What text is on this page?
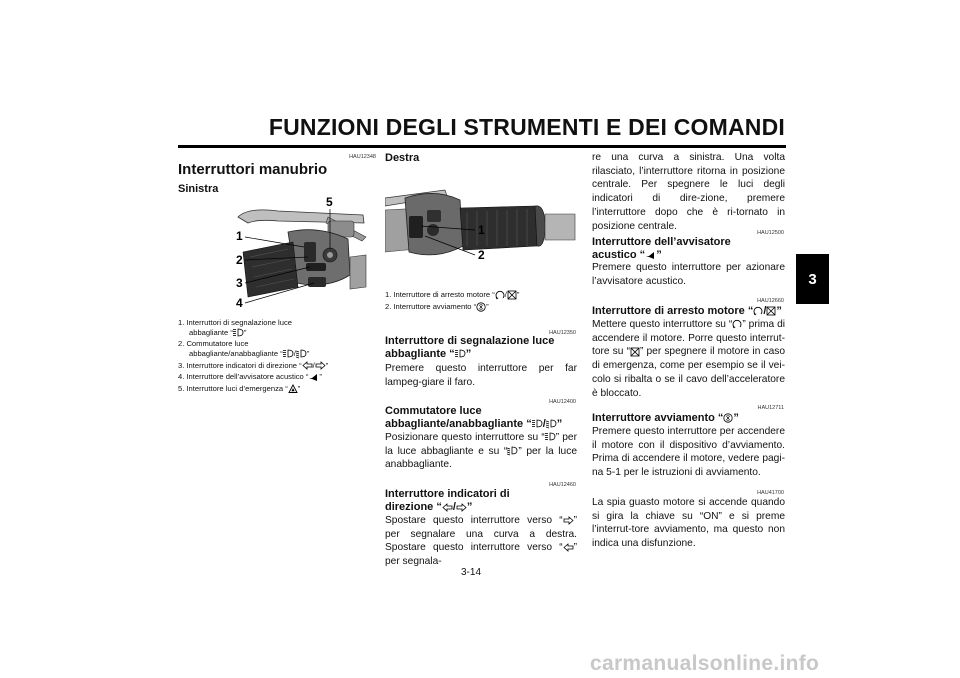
FUNZIONI DEGLI STRUMENTI E DEI COMANDI
3
HAU12348
Interruttori manubrio
Sinistra
1
2
3
4
5
1. Interruttori di segnalazione luce
abbagliante “ ”
2. Commutatore luce
abbagliante/anabbagliante “ / ”
3. Interruttore indicatori di direzione “ / ”
4. Interruttore dell’avvisatore acustico “ ”
5. Interruttore luci d’emergenza “ ”
Destra
1
2
1. Interruttore di arresto motore “ / ”
2. Interruttore avviamento “ ”
HAU12350
Interruttore di segnalazione luce
abbagliante “ ”
Premere questo interruttore per far lampeg-giare il faro.
HAU12400
Commutatore luce
abbagliante/anabbagliante “ / ”
Posizionare questo interruttore su “ ” per la luce abbagliante e su “ ” per la luce anabbagliante.
HAU12460
Interruttore indicatori di
direzione “ / ”
Spostare questo interruttore verso “ ” per segnalare una curva a destra. Spostare questo interruttore verso “ ” per segnala-
re una curva a sinistra. Una volta rilasciato, l’interruttore ritorna in posizione centrale. Per spegnere le luci degli indicatori di dire-zione, premere l’interruttore dopo che è ri-tornato in posizione centrale.
HAU12500
Interruttore dell’avvisatore
acustico “ ”
Premere questo interruttore per azionare l’avvisatore acustico.
HAU12660
Interruttore di arresto motore “ / ”
Mettere questo interruttore su “ ” prima di accendere il motore. Porre questo interrut-tore su “ ” per spegnere il motore in caso di emergenza, come per esempio se il vei-colo si ribalta o se il cavo dell’acceleratore è bloccato.
HAU12711
Interruttore avviamento “ ”
Premere questo interruttore per accendere il motore con il dispositivo d’avviamento. Prima di accendere il motore, vedere pagi-na 5-1 per le istruzioni di avviamento.
HAU41700
La spia guasto motore si accende quando si gira la chiave su “ON” e si preme l’interrut-tore avviamento, ma questo non indica una disfunzione.
3-14
carmanualsonline.info
